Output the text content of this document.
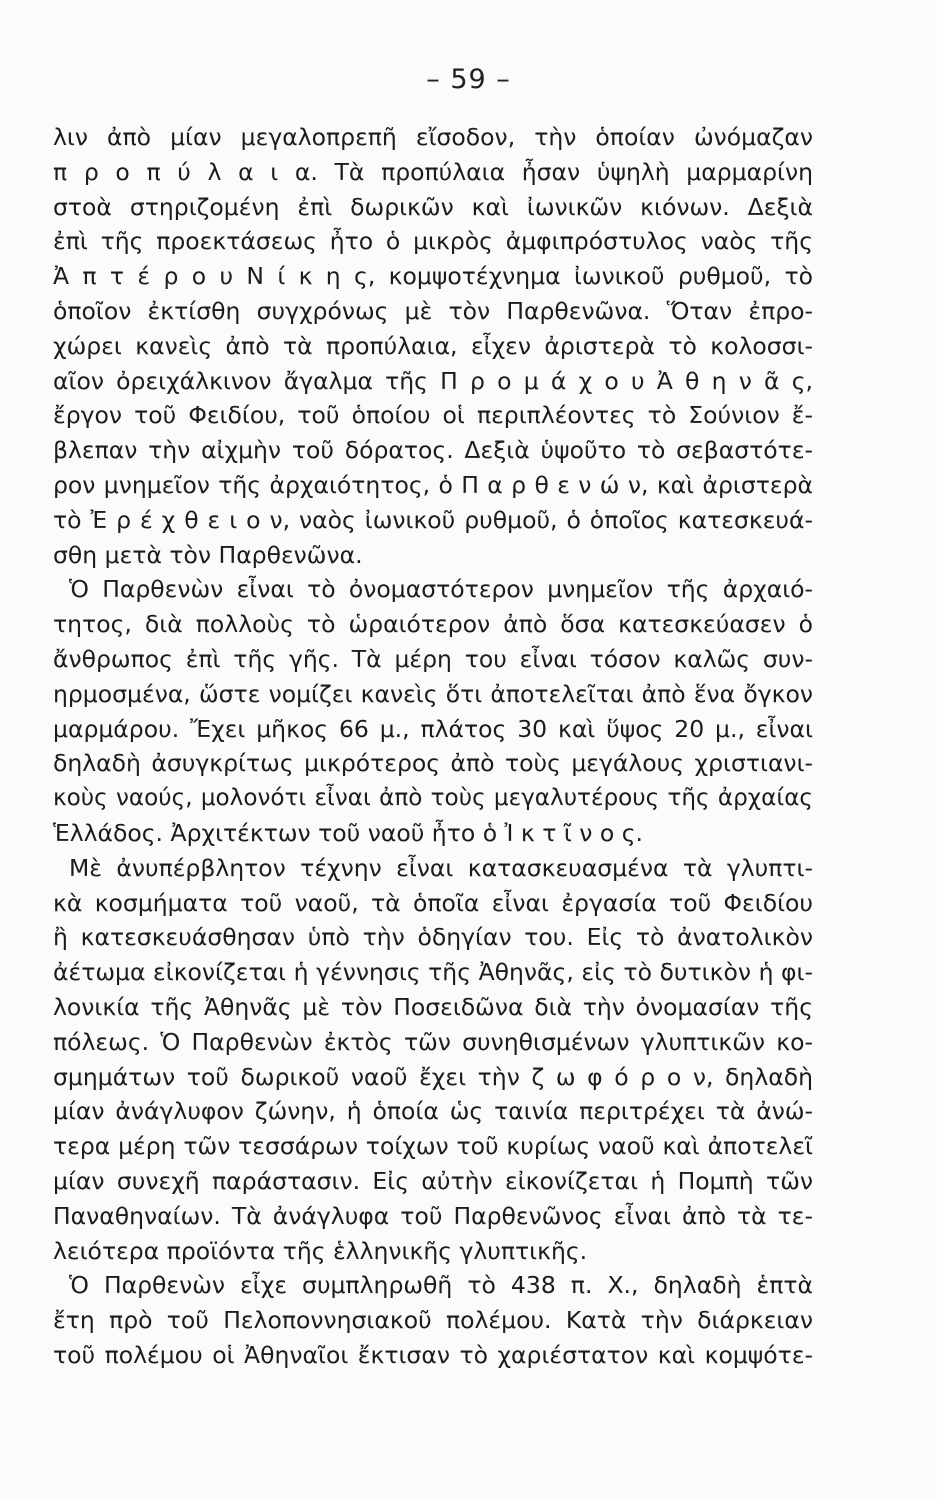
– 59 –
λιν ἀπὸ μίαν μεγαλοπρεπῆ εἴσοδον, τὴν ὁποίαν ὠνόμαζαν
π ρ ο π ύ λ α ι α. Τὰ προπύλαια ἦσαν ὑψηλὴ μαρμαρίνη
στοὰ στηριζομένη ἐπὶ δωρικῶν καὶ ἰωνικῶν κιόνων. Δεξιὰ
ἐπὶ τῆς προεκτάσεως ἦτο ὁ μικρὸς ἀμφιπρόστυλος ναὸς τῆς
Ἀ π τ έ ρ ο υ Ν ί κ η ς, κομψοτέχνημα ἰωνικοῦ ρυθμοῦ, τὸ
ὁποῖον ἐκτίσθη συγχρόνως μὲ τὸν Παρθενῶνα. Ὅταν ἐπρο-
χώρει κανεὶς ἀπὸ τὰ προπύλαια, εἶχεν ἀριστερὰ τὸ κολοσσι-
αῖον ὀρειχάλκινον ἄγαλμα τῆς Π ρ ο μ ά χ ο υ Ἀ θ η ν ᾶ ς,
ἔργον τοῦ Φειδίου, τοῦ ὁποίου οἱ περιπλέοντες τὸ Σούνιον ἔ-
βλεπαν τὴν αἰχμὴν τοῦ δόρατος. Δεξιὰ ὑψοῦτο τὸ σεβαστότε-
ρον μνημεῖον τῆς ἀρχαιότητος, ὁ Π α ρ θ ε ν ώ ν, καὶ ἀριστερὰ
τὸ Ἐ ρ έ χ θ ε ι ο ν, ναὸς ἰωνικοῦ ρυθμοῦ, ὁ ὁποῖος κατεσκευά-
σθη μετὰ τὸν Παρθενῶνα.
Ὁ Παρθενὼν εἶναι τὸ ὀνομαστότερον μνημεῖον τῆς ἀρχαιό-
τητος, διὰ πολλοὺς τὸ ὡραιότερον ἀπὸ ὅσα κατεσκεύασεν ὁ
ἄνθρωπος ἐπὶ τῆς γῆς. Τὰ μέρη του εἶναι τόσον καλῶς συν-
ηρμοσμένα, ὥστε νομίζει κανεὶς ὅτι ἀποτελεῖται ἀπὸ ἕνα ὄγκον
μαρμάρου. Ἔχει μῆκος 66 μ., πλάτος 30 καὶ ὕψος 20 μ., εἶναι
δηλαδὴ ἀσυγκρίτως μικρότερος ἀπὸ τοὺς μεγάλους χριστιανι-
κοὺς ναούς, μολονότι εἶναι ἀπὸ τοὺς μεγαλυτέρους τῆς ἀρχαίας
Ἑλλάδος. Ἀρχιτέκτων τοῦ ναοῦ ἦτο ὁ Ἰ κ τ ῖ ν ο ς.
Μὲ ἀνυπέρβλητον τέχνην εἶναι κατασκευασμένα τὰ γλυπτι-
κὰ κοσμήματα τοῦ ναοῦ, τὰ ὁποῖα εἶναι ἐργασία τοῦ Φειδίου
ἢ κατεσκευάσθησαν ὑπὸ τὴν ὁδηγίαν του. Εἰς τὸ ἀνατολικὸν
ἀέτωμα εἰκονίζεται ἡ γέννησις τῆς Ἀθηνᾶς, εἰς τὸ δυτικὸν ἡ φι-
λονικία τῆς Ἀθηνᾶς μὲ τὸν Ποσειδῶνα διὰ τὴν ὀνομασίαν τῆς
πόλεως. Ὁ Παρθενὼν ἐκτὸς τῶν συνηθισμένων γλυπτικῶν κο-
σμημάτων τοῦ δωρικοῦ ναοῦ ἔχει τὴν ζ ω φ ό ρ ο ν, δηλαδὴ
μίαν ἀνάγλυφον ζώνην, ἡ ὁποία ὡς ταινία περιτρέχει τὰ ἀνώ-
τερα μέρη τῶν τεσσάρων τοίχων τοῦ κυρίως ναοῦ καὶ ἀποτελεῖ
μίαν συνεχῆ παράστασιν. Εἰς αὐτὴν εἰκονίζεται ἡ Πομπὴ τῶν
Παναθηναίων. Τὰ ἀνάγλυφα τοῦ Παρθενῶνος εἶναι ἀπὸ τὰ τε-
λειότερα προϊόντα τῆς ἑλληνικῆς γλυπτικῆς.
Ὁ Παρθενὼν εἶχε συμπληρωθῆ τὸ 438 π. Χ., δηλαδὴ ἑπτὰ
ἔτη πρὸ τοῦ Πελοποννησιακοῦ πολέμου. Κατὰ τὴν διάρκειαν
τοῦ πολέμου οἱ Ἀθηναῖοι ἔκτισαν τὸ χαριέστατον καὶ κομψότε-
